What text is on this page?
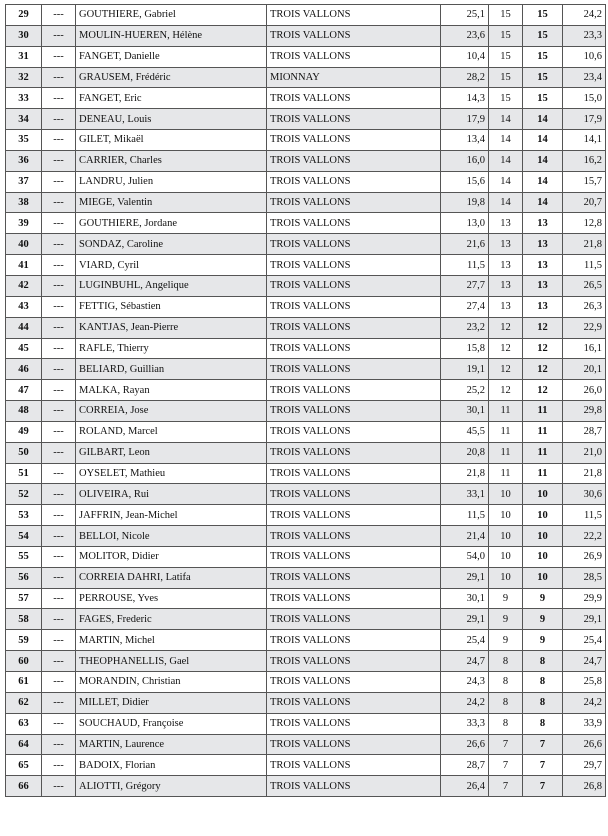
29	---	GOUTHIERE, Gabriel	TROIS VALLONS	25,1	15	15	24,2
30	---	MOULIN-HUEREN, Hélène	TROIS VALLONS	23,6	15	15	23,3
31	---	FANGET, Danielle	TROIS VALLONS	10,4	15	15	10,6
32	---	GRAUSEM, Frédéric	MIONNAY	28,2	15	15	23,4
33	---	FANGET, Eric	TROIS VALLONS	14,3	15	15	15,0
34	---	DENEAU, Louis	TROIS VALLONS	17,9	14	14	17,9
35	---	GILET, Mikaël	TROIS VALLONS	13,4	14	14	14,1
36	---	CARRIER, Charles	TROIS VALLONS	16,0	14	14	16,2
37	---	LANDRU, Julien	TROIS VALLONS	15,6	14	14	15,7
38	---	MIEGE, Valentin	TROIS VALLONS	19,8	14	14	20,7
39	---	GOUTHIERE, Jordane	TROIS VALLONS	13,0	13	13	12,8
40	---	SONDAZ, Caroline	TROIS VALLONS	21,6	13	13	21,8
41	---	VIARD, Cyril	TROIS VALLONS	11,5	13	13	11,5
42	---	LUGINBUHL, Angelique	TROIS VALLONS	27,7	13	13	26,5
43	---	FETTIG, Sébastien	TROIS VALLONS	27,4	13	13	26,3
44	---	KANTJAS, Jean-Pierre	TROIS VALLONS	23,2	12	12	22,9
45	---	RAFLE, Thierry	TROIS VALLONS	15,8	12	12	16,1
46	---	BELIARD, Guillian	TROIS VALLONS	19,1	12	12	20,1
47	---	MALKA, Rayan	TROIS VALLONS	25,2	12	12	26,0
48	---	CORREIA, Jose	TROIS VALLONS	30,1	11	11	29,8
49	---	ROLAND, Marcel	TROIS VALLONS	45,5	11	11	28,7
50	---	GILBART, Leon	TROIS VALLONS	20,8	11	11	21,0
51	---	OYSELET, Mathieu	TROIS VALLONS	21,8	11	11	21,8
52	---	OLIVEIRA, Rui	TROIS VALLONS	33,1	10	10	30,6
53	---	JAFFRIN, Jean-Michel	TROIS VALLONS	11,5	10	10	11,5
54	---	BELLOI, Nicole	TROIS VALLONS	21,4	10	10	22,2
55	---	MOLITOR, Didier	TROIS VALLONS	54,0	10	10	26,9
56	---	CORREIA DAHRI, Latifa	TROIS VALLONS	29,1	10	10	28,5
57	---	PERROUSE, Yves	TROIS VALLONS	30,1	9	9	29,9
58	---	FAGES, Frederic	TROIS VALLONS	29,1	9	9	29,1
59	---	MARTIN, Michel	TROIS VALLONS	25,4	9	9	25,4
60	---	THEOPHANELLIS, Gael	TROIS VALLONS	24,7	8	8	24,7
61	---	MORANDIN, Christian	TROIS VALLONS	24,3	8	8	25,8
62	---	MILLET, Didier	TROIS VALLONS	24,2	8	8	24,2
63	---	SOUCHAUD, Françoise	TROIS VALLONS	33,3	8	8	33,9
64	---	MARTIN, Laurence	TROIS VALLONS	26,6	7	7	26,6
65	---	BADOIX, Florian	TROIS VALLONS	28,7	7	7	29,7
66	---	ALIOTTI, Grégory	TROIS VALLONS	26,4	7	7	26,8
